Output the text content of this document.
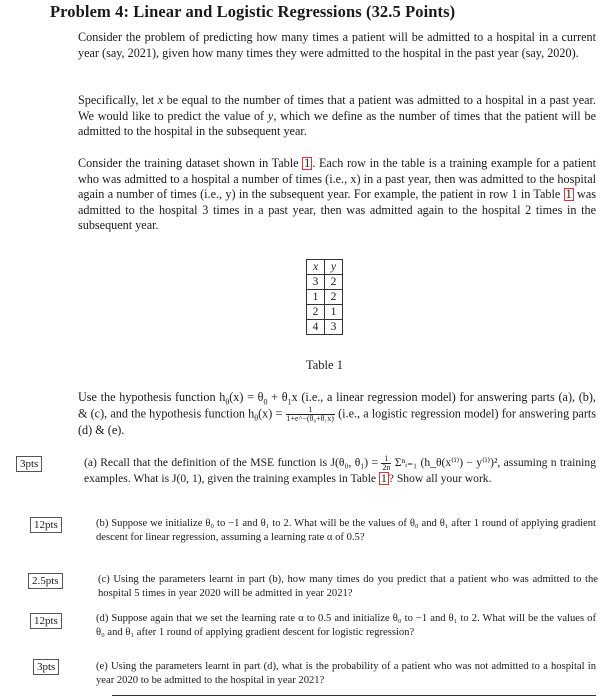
Problem 4: Linear and Logistic Regressions (32.5 Points)
Consider the problem of predicting how many times a patient will be admitted to a hospital in a current year (say, 2021), given how many times they were admitted to the hospital in the past year (say, 2020).
Specifically, let x be equal to the number of times that a patient was admitted to a hospital in a past year. We would like to predict the value of y, which we define as the number of times that the patient will be admitted to the hospital in the subsequent year.
Consider the training dataset shown in Table 1 . Each row in the table is a training example for a patient who was admitted to a hospital a number of times (i.e., x) in a past year, then was admitted to the hospital again a number of times (i.e., y) in the subsequent year. For example, the patient in row 1 in Table 1 was admitted to the hospital 3 times in a past year, then was admitted again to the hospital 2 times in the subsequent year.
x	y
3	2
1	2
2	1
4	3
Table 1
Use the hypothesis function $h_\theta(x) = \theta_0 + \theta_1x$ (i.e., a linear regression model) for answering parts (a), (b), & (c), and the hypothesis function $h_\theta(x) = \frac{1}{\text{1+e\textasciicircum{}−(θ₀+θ₁x)}} (i.e$., a logistic regression model) for answering parts (d) & (e).
3pts	(a) Recall that the definition of the MSE function is J(θ₀, $\theta_1) = \frac{1}{2n}$ Σⁿᵢ₌₁ (h_θ(x⁽ⁱ⁾) − y⁽ⁱ⁾)², assuming n training examples. What is J(0, 1), given the training examples in Table 1 ? Show all your work.
12pts	(b) Suppose we initialize θ₀ to −1 and θ₁ to 2. What will be the values of θ₀ and θ₁ after 1 round of applying gradient descent for linear regression, assuming a learning rate α of 0.5?
2.5pts	(c) Using the parameters learnt in part (b), how many times do you predict that a patient who was admitted to the hospital 5 times in year 2020 will be admitted in year 2021?
12pts	(d) Suppose again that we set the learning rate α to 0.5 and initialize θ₀ to −1 and θ₁ to 2. What will be the values of θ₀ and θ₁ after 1 round of applying gradient descent for logistic regression?
3pts	(e) Using the parameters learnt in part (d), what is the probability of a patient who was not admitted to a hospital in year 2020 to be admitted to the hospital in year 2021?
